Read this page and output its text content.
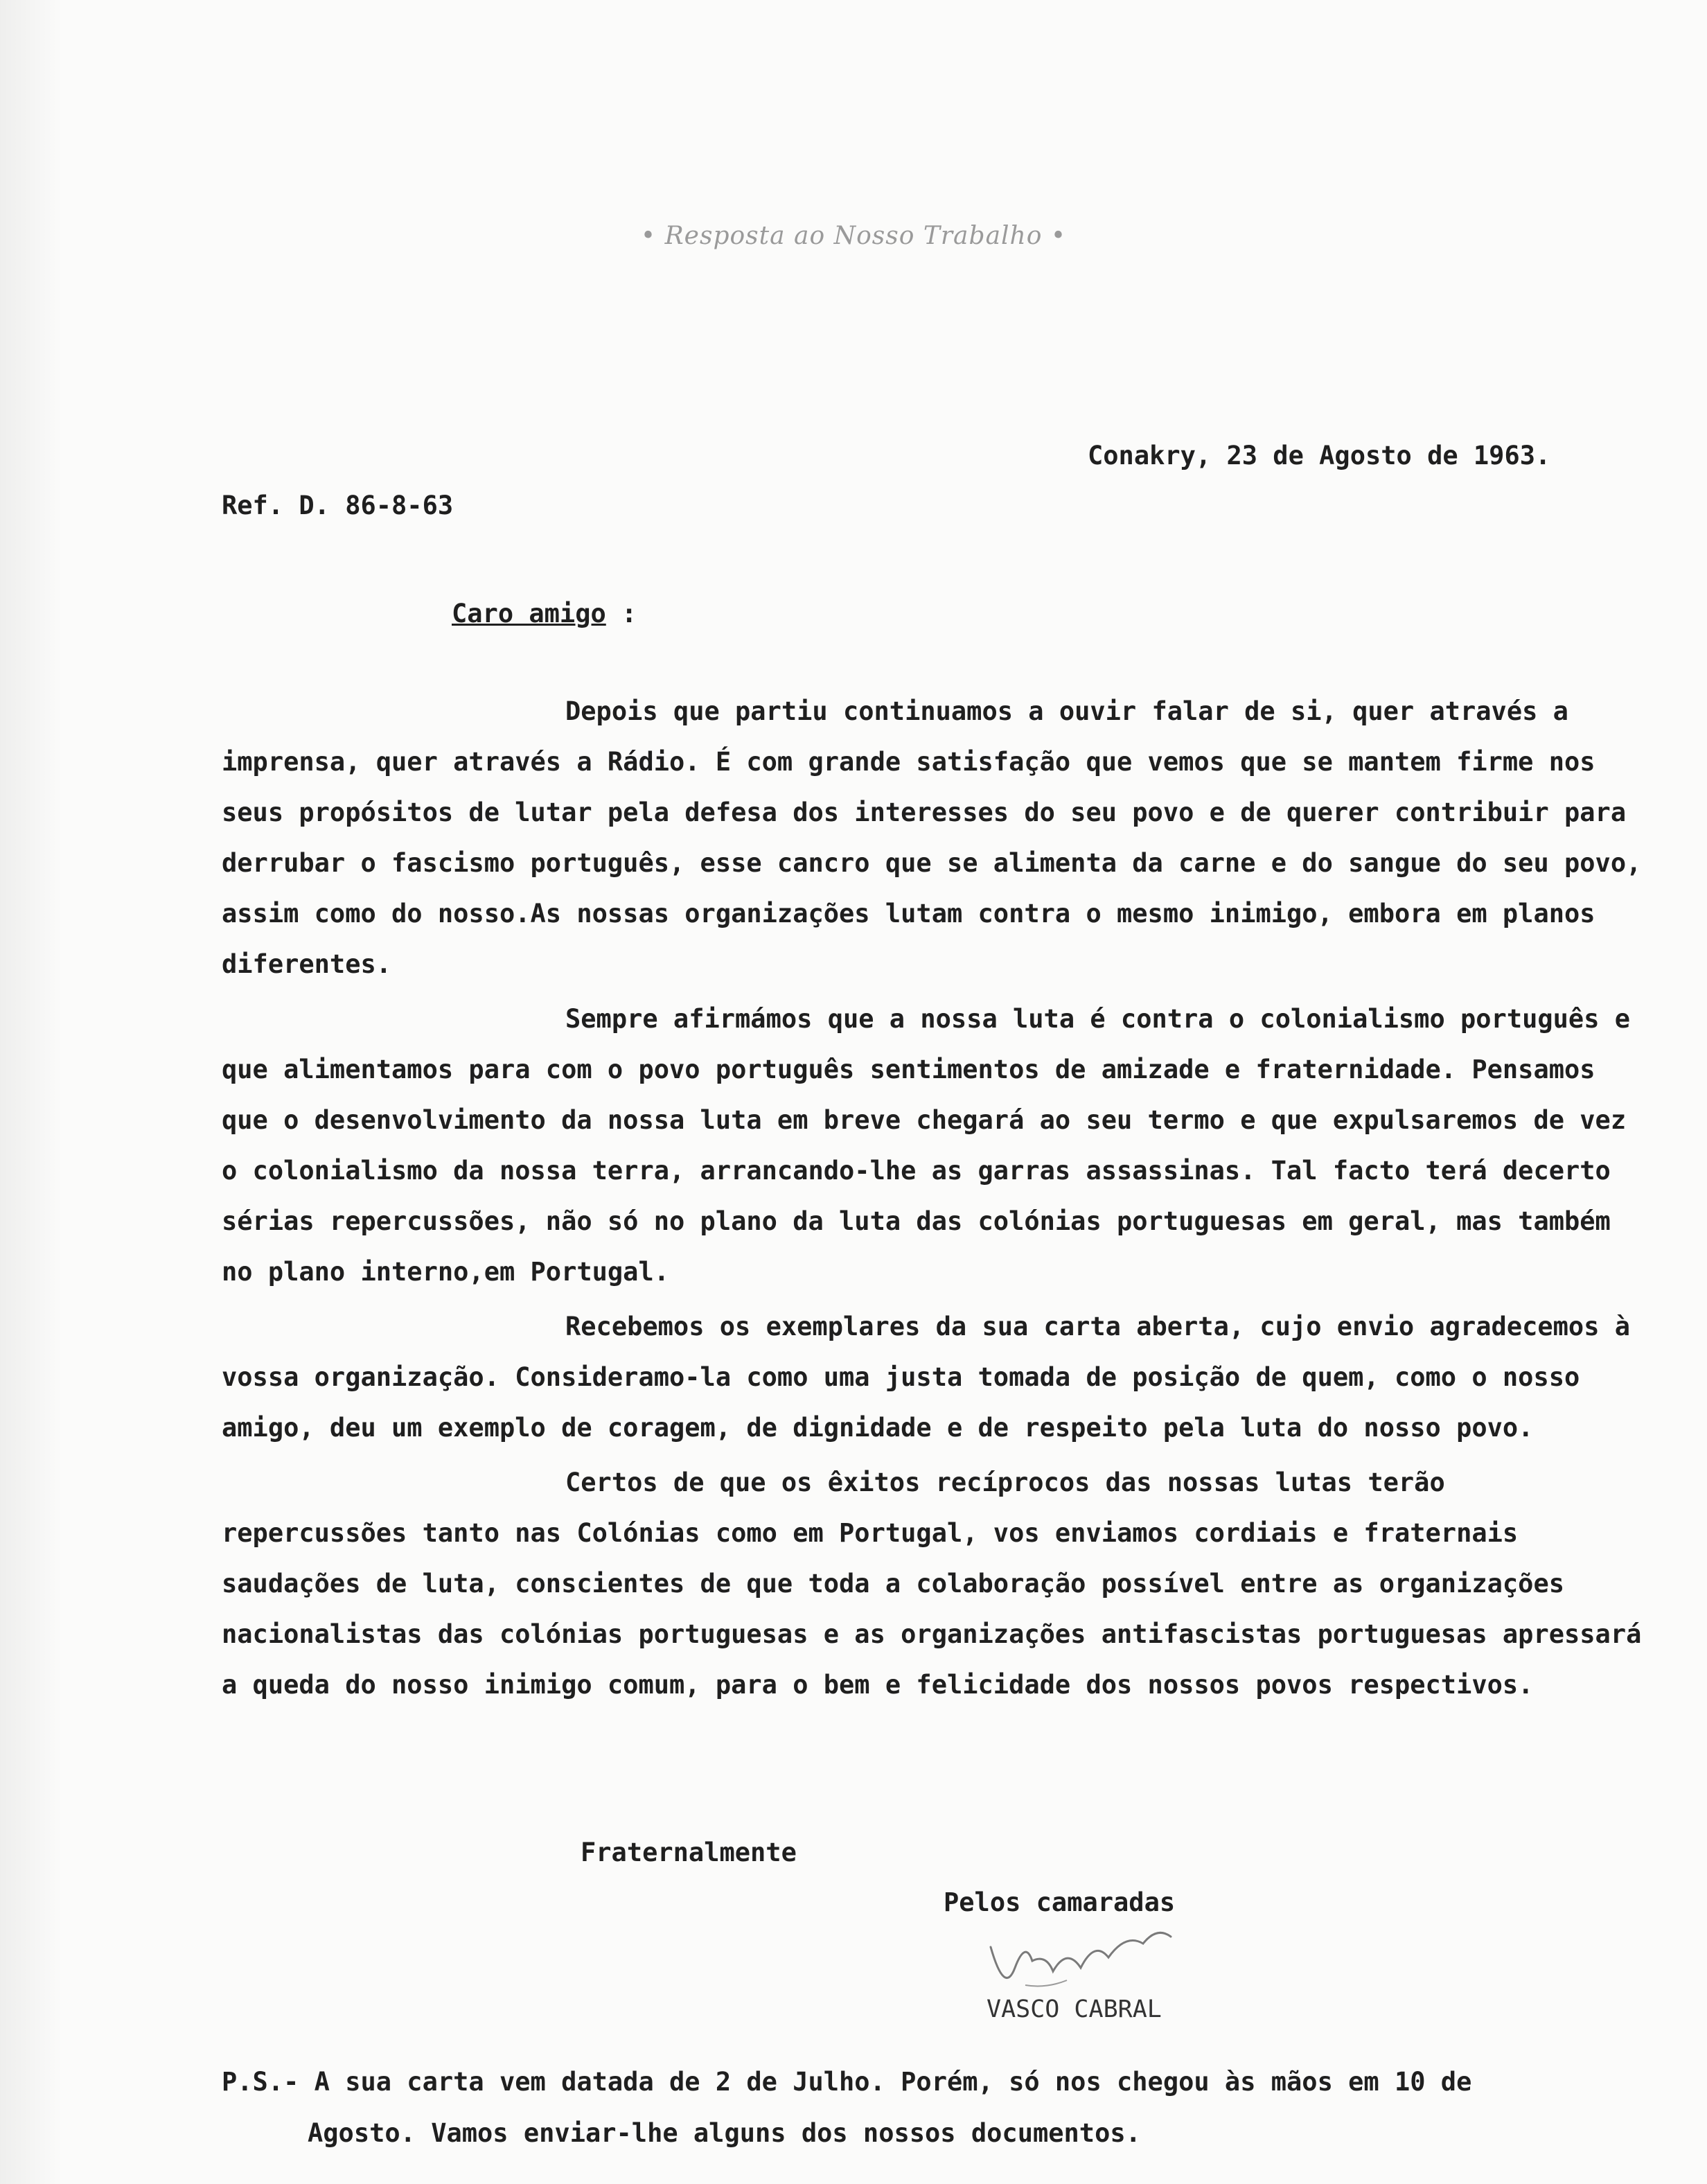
• Resposta ao Nosso Trabalho •
Conakry, 23 de Agosto de 1963.
Ref. D. 86-8-63
Caro amigo :

Depois que partiu continuamos a ouvir falar de si, quer através a imprensa, quer através a Rádio. É com grande satisfação que vemos que se mantem firme nos seus propósitos de lutar pela defesa dos interesses do seu povo e de querer contribuir para derrubar o fascismo português, esse cancro que se alimenta da carne e do sangue do seu povo, assim como do nosso.As nossas organizações lutam contra o mesmo inimigo, embora em planos diferentes.

Sempre afirmámos que a nossa luta é contra o colonialismo português e que alimentamos para com o povo português sentimentos de amizade e fraternidade. Pensamos que o desenvolvimento da nossa luta em breve chegará ao seu termo e que expulsaremos de vez o colonialismo da nossa terra, arrancando-lhe as garras assassinas. Tal facto terá decerto sérias repercussões, não só no plano da luta das colónias portuguesas em geral, mas também no plano interno,em Portugal.

Recebemos os exemplares da sua carta aberta, cujo envio agradecemos à vossa organização. Consideramo-la como uma justa tomada de posição de quem, como o nosso amigo, deu um exemplo de coragem, de dignidade e de respeito pela luta do nosso povo.

Certos de que os êxitos recíprocos das nossas lutas terão repercussões tanto nas Colónias como em Portugal, vos enviamos cordiais e fraternais saudações de luta, conscientes de que toda a colaboração possível entre as organizações nacionalistas das colónias portuguesas e as organizações antifascistas portuguesas apressará a queda do nosso inimigo comum, para o bem e felicidade dos nossos povos respectivos.

Fraternalmente
Pelos camaradas
VASCO CABRAL
P.S.- A sua carta vem datada de 2 de Julho. Porém, só nos chegou às mãos em 10 de
Agosto. Vamos enviar-lhe alguns dos nossos documentos.
